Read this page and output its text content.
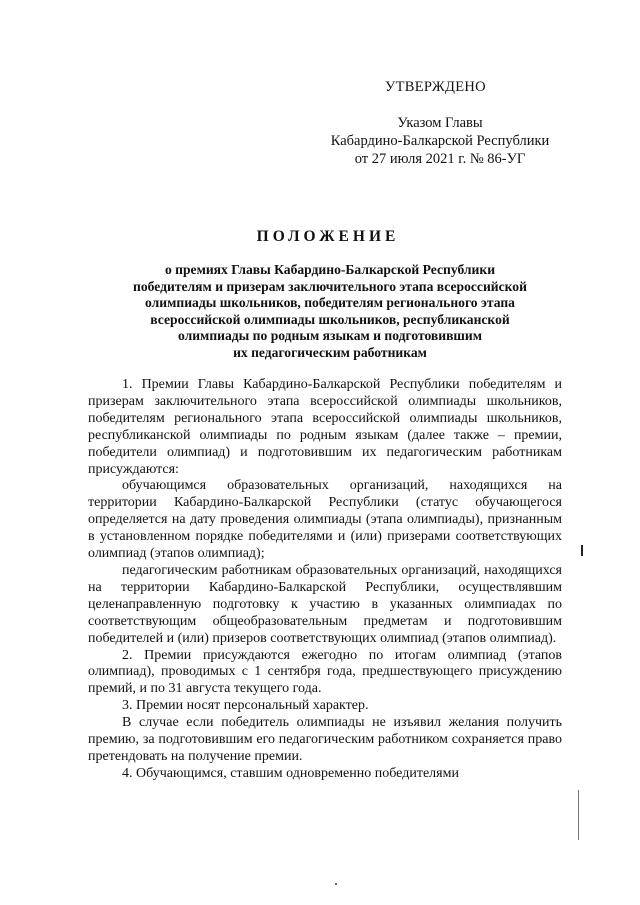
УТВЕРЖДЕНО
Указом Главы
Кабардино-Балкарской Республики
от 27 июля 2021 г. № 86-УГ
ПОЛОЖЕНИЕ
о премиях Главы Кабардино-Балкарской Республики
победителям и призерам заключительного этапа всероссийской
олимпиады школьников, победителям регионального этапа
всероссийской олимпиады школьников, республиканской
олимпиады по родным языкам и подготовившим
их педагогическим работникам

1. Премии Главы Кабардино-Балкарской Республики победителям и призерам заключительного этапа всероссийской олимпиады школьников, победителям регионального этапа всероссийской олимпиады школьников, республиканской олимпиады по родным языкам (далее также – премии, победители олимпиад) и подготовившим их педагогическим работникам присуждаются:

обучающимся образовательных организаций, находящихся на территории Кабардино-Балкарской Республики (статус обучающегося определяется на дату проведения олимпиады (этапа олимпиады), признанным в установленном порядке победителями и (или) призерами соответствующих олимпиад (этапов олимпиад);

педагогическим работникам образовательных организаций, находящихся на территории Кабардино-Балкарской Республики, осуществлявшим целенаправленную подготовку к участию в указанных олимпиадах по соответствующим общеобразовательным предметам и подготовившим победителей и (или) призеров соответствующих олимпиад (этапов олимпиад).

2. Премии присуждаются ежегодно по итогам олимпиад (этапов олимпиад), проводимых с 1 сентября года, предшествующего присуждению премий, и по 31 августа текущего года.

3. Премии носят персональный характер.

В случае если победитель олимпиады не изъявил желания получить премию, за подготовившим его педагогическим работником сохраняется право претендовать на получение премии.

4. Обучающимся, ставшим одновременно победителями
